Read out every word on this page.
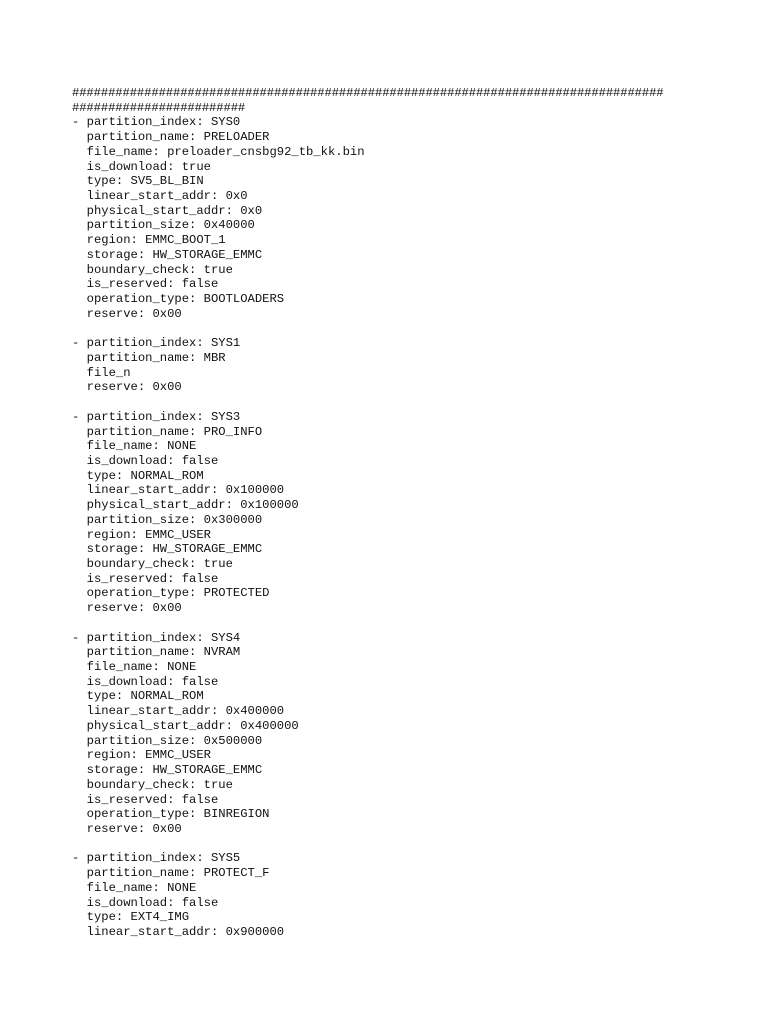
##################################################################################
########################
- partition_index: SYS0
partition_name: PRELOADER
file_name: preloader_cnsbg92_tb_kk.bin
is_download: true
type: SV5_BL_BIN
linear_start_addr: 0x0
physical_start_addr: 0x0
partition_size: 0x40000
region: EMMC_BOOT_1
storage: HW_STORAGE_EMMC
boundary_check: true
is_reserved: false
operation_type: BOOTLOADERS
reserve: 0x00
- partition_index: SYS1
partition_name: MBR
file_n
reserve: 0x00
- partition_index: SYS3
partition_name: PRO_INFO
file_name: NONE
is_download: false
type: NORMAL_ROM
linear_start_addr: 0x100000
physical_start_addr: 0x100000
partition_size: 0x300000
region: EMMC_USER
storage: HW_STORAGE_EMMC
boundary_check: true
is_reserved: false
operation_type: PROTECTED
reserve: 0x00
- partition_index: SYS4
partition_name: NVRAM
file_name: NONE
is_download: false
type: NORMAL_ROM
linear_start_addr: 0x400000
physical_start_addr: 0x400000
partition_size: 0x500000
region: EMMC_USER
storage: HW_STORAGE_EMMC
boundary_check: true
is_reserved: false
operation_type: BINREGION
reserve: 0x00
- partition_index: SYS5
partition_name: PROTECT_F
file_name: NONE
is_download: false
type: EXT4_IMG
linear_start_addr: 0x900000
